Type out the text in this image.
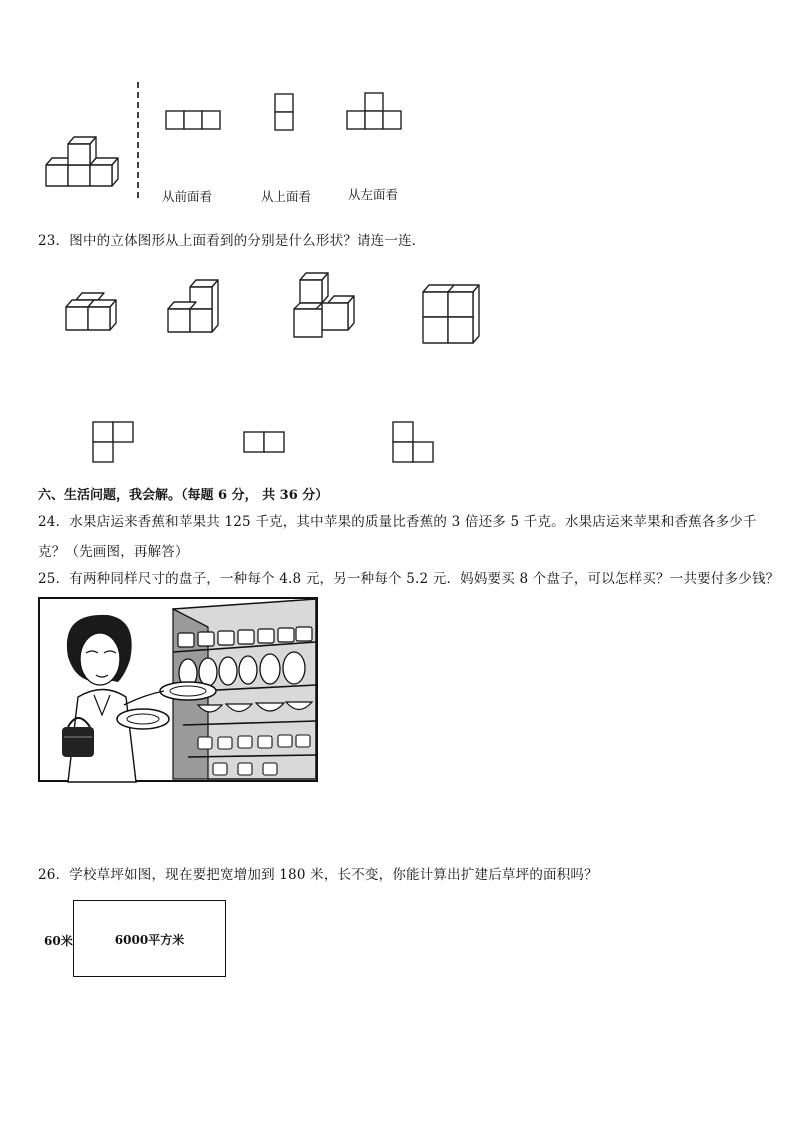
从前面看	从上面看	从左面看
23．图中的立体图形从上面看到的分别是什么形状？请连一连．
六、生活问题，我会解。（每题 6 分， 共 36 分）
24．水果店运来香蕉和苹果共 125 千克，其中苹果的质量比香蕉的 3 倍还多 5 千克。水果店运来苹果和香蕉各多少千
克？（先画图，再解答）
25．有两种同样尺寸的盘子，一种每个 4.8 元，另一种每个 5.2 元．妈妈要买 8 个盘子，可以怎样买？一共要付多少钱？
26．学校草坪如图，现在要把宽增加到 180 米，长不变，你能计算出扩建后草坪的面积吗？
60米	6000平方米
